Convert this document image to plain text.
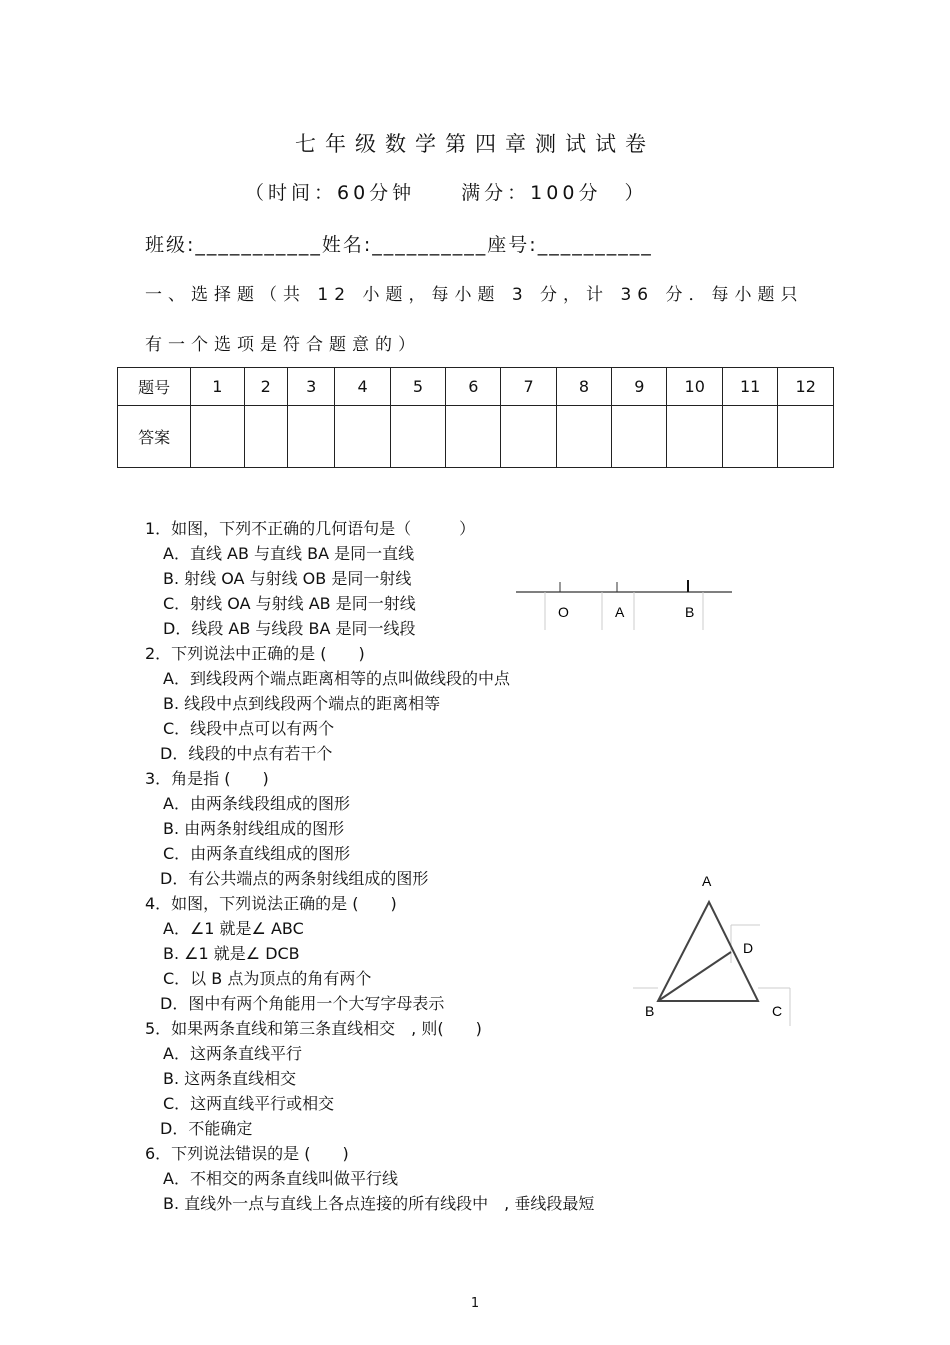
七年级数学第四章测试试卷
（时间：60分钟　　满分：100分　）
班级:___________姓名:__________座号:__________
一、选择题（共 12 小题，每小题 3 分，计 36 分．每小题只
有一个选项是符合题意的）
题号	1	2	3	4	5	6	7	8	9	10	11	12
答案												
1．如图，下列不正确的几何语句是（　　　）
A．直线 AB 与直线 BA 是同一直线
B. 射线 OA 与射线 OB 是同一射线
C．射线 OA 与射线 AB 是同一射线
D．线段 AB 与线段 BA 是同一线段
2．下列说法中正确的是 (　　)
A．到线段两个端点距离相等的点叫做线段的中点
B. 线段中点到线段两个端点的距离相等
C．线段中点可以有两个
D．线段的中点有若干个
3．角是指 (　　)
A．由两条线段组成的图形
B. 由两条射线组成的图形
C．由两条直线组成的图形
D．有公共端点的两条射线组成的图形
4．如图，下列说法正确的是 (　　)
A．∠1 就是∠ ABC
B. ∠1 就是∠ DCB
C．以 B 点为顶点的角有两个
D．图中有两个角能用一个大写字母表示
5．如果两条直线和第三条直线相交　, 则(　　)
A．这两条直线平行
B. 这两条直线相交
C．这两直线平行或相交
D．不能确定
6．下列说法错误的是 (　　)
A．不相交的两条直线叫做平行线
B. 直线外一点与直线上各点连接的所有线段中　, 垂线段最短
O	A	B
A
D
B	C
1
